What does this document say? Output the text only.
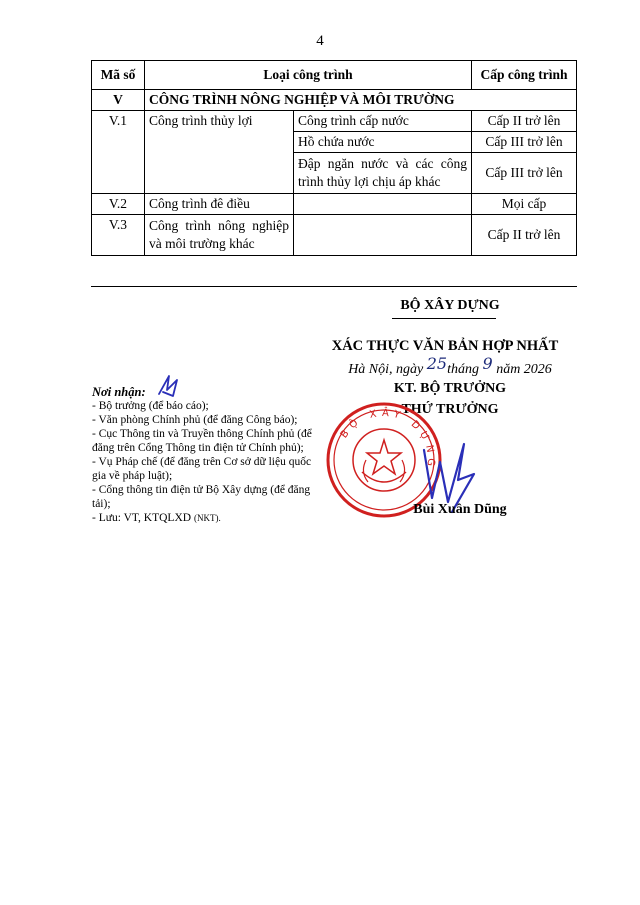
4
Mã số	Loại công trình		Cấp công trình
V	CÔNG TRÌNH NÔNG NGHIỆP VÀ MÔI TRƯỜNG		
V.1	Công trình thủy lợi	Công trình cấp nước	Cấp II trở lên
		Hồ chứa nước	Cấp III trở lên
		Đập ngăn nước và các công trình thủy lợi chịu áp khác	Cấp III trở lên
V.2	Công trình đê điều		Mọi cấp
V.3	Công trình nông nghiệp và môi trường khác		Cấp II trở lên
BỘ XÂY DỰNG
XÁC THỰC VĂN BẢN HỢP NHẤT
Hà Nội, ngày 25tháng 9 năm 2026
KT. BỘ TRƯỞNG
THỨ TRƯỞNG
BỘ XÂY DỰNG
Bùi Xuân Dũng
Nơi nhận:
- Bộ trưởng (để báo cáo);
- Văn phòng Chính phủ (để đăng Công báo);
- Cục Thông tin và Truyền thông Chính phủ (để đăng trên Cổng Thông tin điện tử Chính phủ);
- Vụ Pháp chế (để đăng trên Cơ sở dữ liệu quốc gia về pháp luật);
- Cổng thông tin điện tử Bộ Xây dựng (để đăng tải);
- Lưu: VT, KTQLXD (NKT).
